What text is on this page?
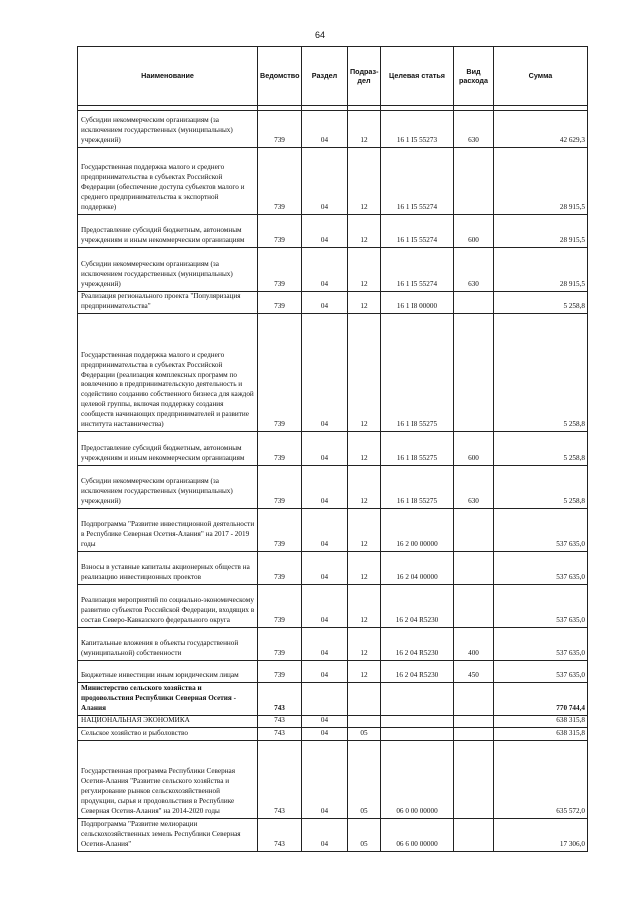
64
Наименование	Ведомство	Раздел	Подраз-дел	Целевая статья	Вид расхода	Сумма

Субсидии некоммерческим организациям (за исключением государственных (муниципальных) учреждений)	739	04	12	16 1 I5 55273	630	42 629,3
Государственная поддержка малого и среднего предпринимательства в субъектах Российской Федерации (обеспечение доступа субъектов малого и среднего предпринимательства к экспортной поддержке)	739	04	12	16 1 I5 55274		28 915,5
Предоставление субсидий бюджетным, автономным учреждениям и иным некоммерческим организациям	739	04	12	16 1 I5 55274	600	28 915,5
Субсидии некоммерческим организациям (за исключением государственных (муниципальных) учреждений)	739	04	12	16 1 I5 55274	630	28 915,5
Реализация регионального проекта "Популяризация предпринимательства"	739	04	12	16 1 I8 00000		5 258,8
Государственная поддержка малого и среднего предпринимательства в субъектах Российской Федерации (реализация комплексных программ по вовлечению в предпринимательскую деятельность и содействию созданию собственного бизнеса для каждой целевой группы, включая поддержку создания сообществ начинающих предпринимателей и развитие института наставничества)	739	04	12	16 1 I8 55275		5 258,8
Предоставление субсидий бюджетным, автономным учреждениям и иным некоммерческим организациям	739	04	12	16 1 I8 55275	600	5 258,8
Субсидии некоммерческим организациям (за исключением государственных (муниципальных) учреждений)	739	04	12	16 1 I8 55275	630	5 258,8
Подпрограмма "Развитие инвестиционной деятельности в Республике Северная Осетия-Алания" на 2017 - 2019 годы	739	04	12	16 2 00 00000		537 635,0
Взносы в уставные капиталы акционерных обществ на реализацию инвестиционных проектов	739	04	12	16 2 04 00000		537 635,0
Реализация мероприятий по социально-экономическому развитию субъектов Российской Федерации, входящих в состав Северо-Кавказского федерального округа	739	04	12	16 2 04 R5230		537 635,0
Капитальные вложения в объекты государственной (муниципальной) собственности	739	04	12	16 2 04 R5230	400	537 635,0
Бюджетные инвестиции иным юридическим лицам	739	04	12	16 2 04 R5230	450	537 635,0
Министерство сельского хозяйства и продовольствия Республики Северная Осетия - Алания	743					770 744,4
НАЦИОНАЛЬНАЯ ЭКОНОМИКА	743	04				638 315,8
Сельское хозяйство и рыболовство	743	04	05			638 315,8
Государственная программа Республики Северная Осетия-Алания "Развитие сельского хозяйства и регулирование рынков сельскохозяйственной продукции, сырья и продовольствия в Республике Северная Осетия-Алания" на 2014-2020 годы	743	04	05	06 0 00 00000		635 572,0
Подпрограмма "Развитие мелиорации сельскохозяйственных земель Республики Северная Осетия-Алания"	743	04	05	06 6 00 00000		17 306,0
